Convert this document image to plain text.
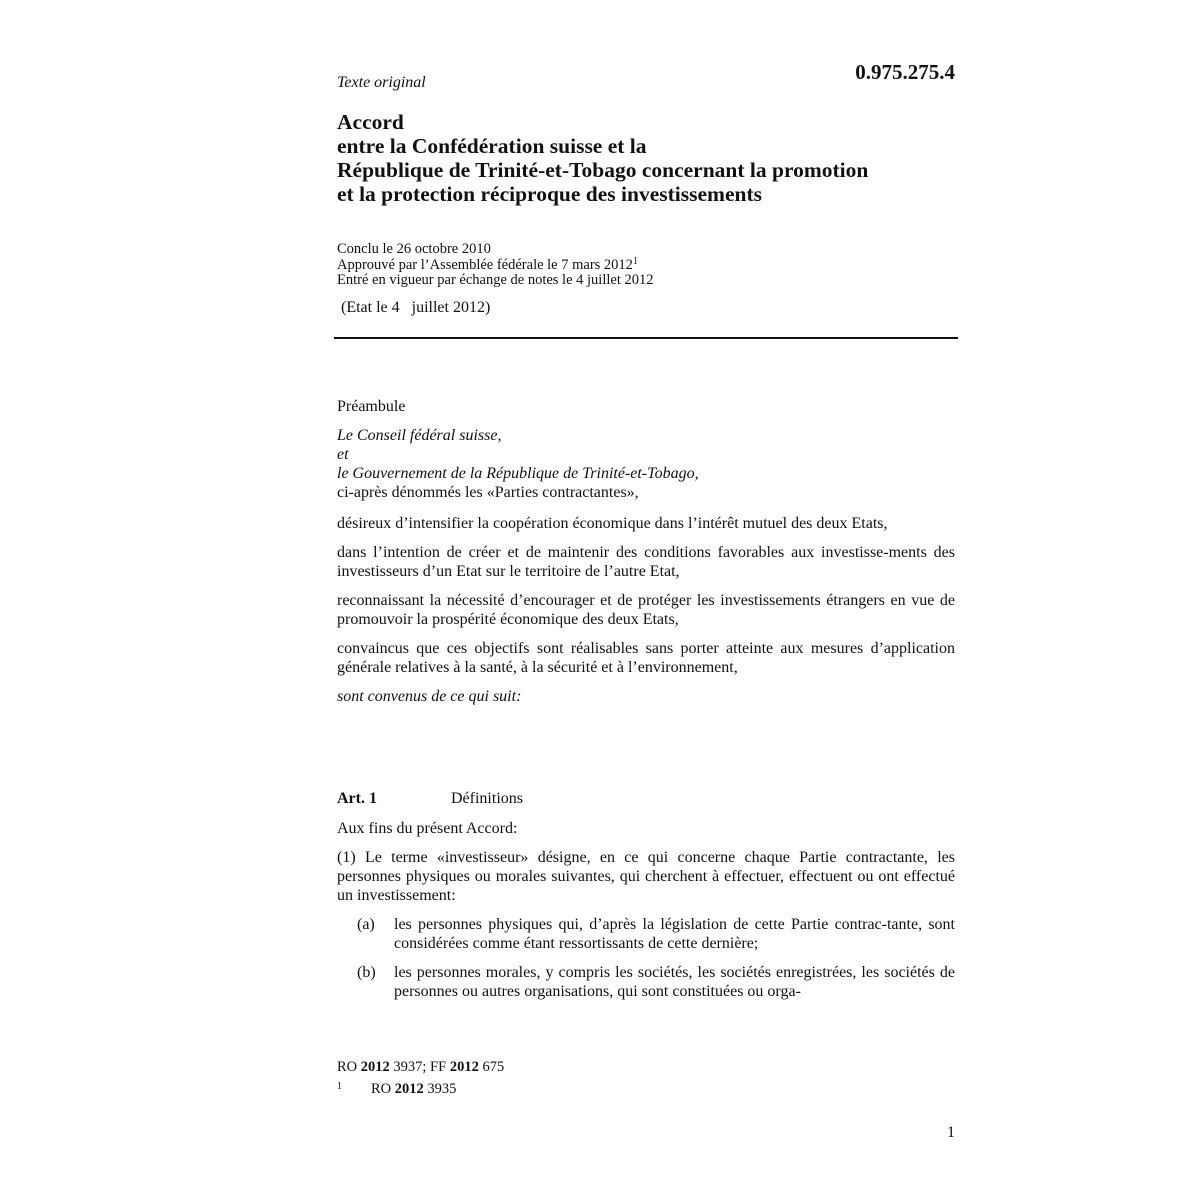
0.975.275.4
Texte original
Accord
entre la Confédération suisse et la
République de Trinité-et-Tobago concernant la promotion
et la protection réciproque des investissements
Conclu le 26 octobre 2010
Approuvé par l’Assemblée fédérale le 7 mars 2012$^1$
Entré en vigueur par échange de notes le 4 juillet 2012
(Etat le 4   juillet 2012)
Préambule
Le Conseil fédéral suisse,
et
le Gouvernement de la République de Trinité-et-Tobago,
ci-après dénommés les «Parties contractantes»,
désireux d’intensifier la coopération économique dans l’intérêt mutuel des deux Etats,
dans l’intention de créer et de maintenir des conditions favorables aux investisse-ments des investisseurs d’un Etat sur le territoire de l’autre Etat,
reconnaissant la nécessité d’encourager et de protéger les investissements étrangers en vue de promouvoir la prospérité économique des deux Etats,
convaincus que ces objectifs sont réalisables sans porter atteinte aux mesures d’application générale relatives à la santé, à la sécurité et à l’environnement,
sont convenus de ce qui suit:
Art. 1	Définitions
Aux fins du présent Accord:
(1) Le terme «investisseur» désigne, en ce qui concerne chaque Partie contractante, les personnes physiques ou morales suivantes, qui cherchent à effectuer, effectuent ou ont effectué un investissement:
(a) les personnes physiques qui, d’après la législation de cette Partie contrac-tante, sont considérées comme étant ressortissants de cette dernière;
(b) les personnes morales, y compris les sociétés, les sociétés enregistrées, les sociétés de personnes ou autres organisations, qui sont constituées ou orga-
RO 2012 3937; FF 2012 675
1 RO 2012 3935
1
